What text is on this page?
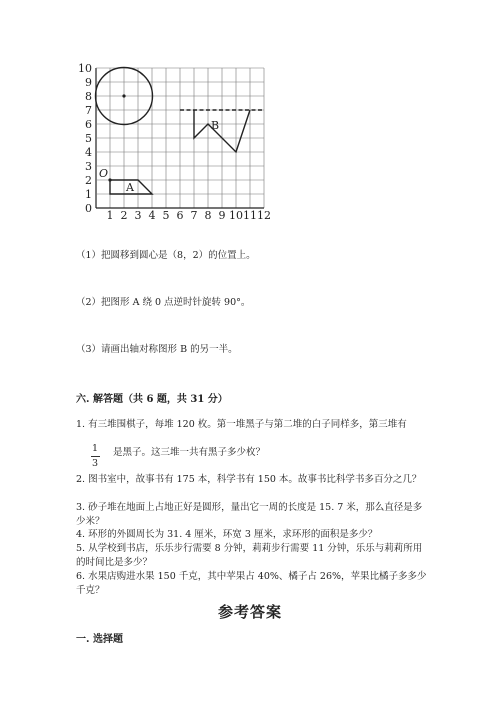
0
1
2
3
4
5
6
7
8
9
10
1 2 3 4 5 6 7 8 9 10 11 12
O
A
B
（1）把圆移到圆心是（8，2）的位置上。
（2）把图形 A 绕 0 点逆时针旋转 90°。
（3）请画出轴对称图形 B 的另一半。
六. 解答题（共 6 题，共 31 分）
1. 有三堆围棋子，每堆 120 枚。第一堆黑子与第二堆的白子同样多，第三堆有
1
3
是黑子。这三堆一共有黑子多少枚？
2. 图书室中，故事书有 175 本，科学书有 150 本。故事书比科学书多百分之几？
3. 砂子堆在地面上占地正好是圆形，量出它一周的长度是 15. 7 米，那么直径是多少米？
4. 环形的外圆周长为 31. 4 厘米，环宽 3 厘米，求环形的面积是多少？
5. 从学校到书店，乐乐步行需要 8 分钟，莉莉步行需要 11 分钟，乐乐与莉莉所用的时间比是多少？
6. 水果店购进水果 150 千克，其中苹果占 40%、橘子占 26%，苹果比橘子多多少千克？
参考答案
一. 选择题
